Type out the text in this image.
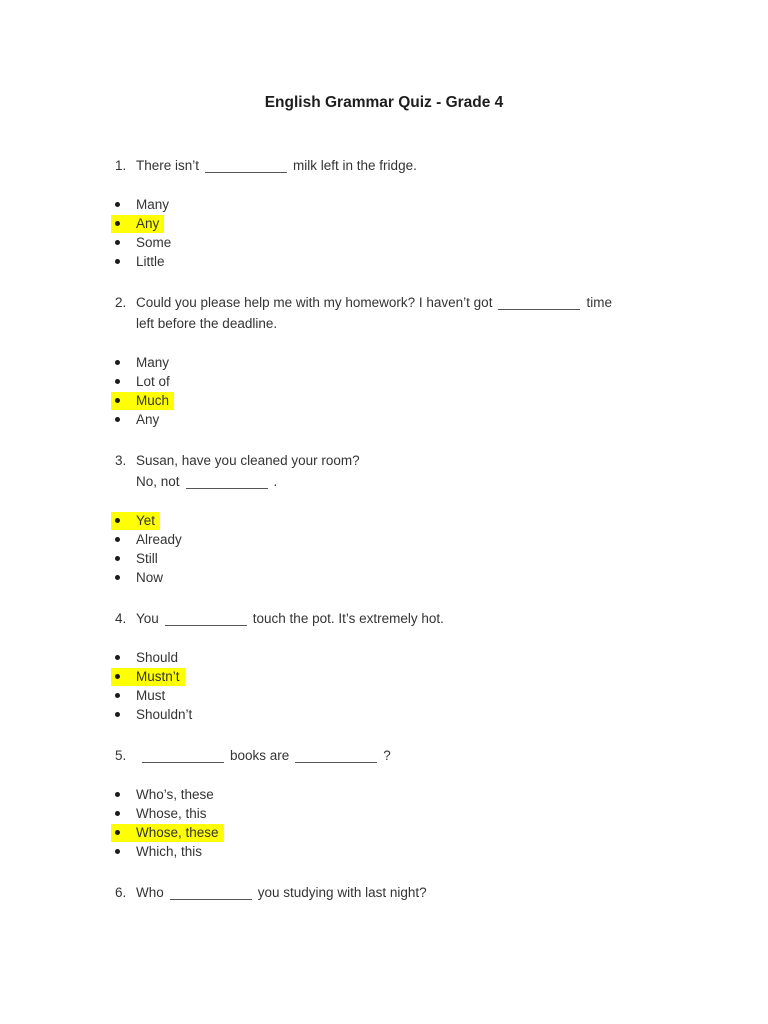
English Grammar Quiz - Grade 4

1. There isn’t	milk left in the fridge.

Many
Any
Some
Little

2. Could you please help me with my homework? I haven’t got	time
left before the deadline.

Many
Lot of
Much
Any

3. Susan, have you cleaned your room?
No, not	.

Yet
Already
Still
Now

4. You	touch the pot. It’s extremely hot.

Should
Mustn’t
Must
Shouldn’t

5.	books are	?

Who’s, these
Whose, this
Whose, these
Which, this

6. Who	you studying with last night?
